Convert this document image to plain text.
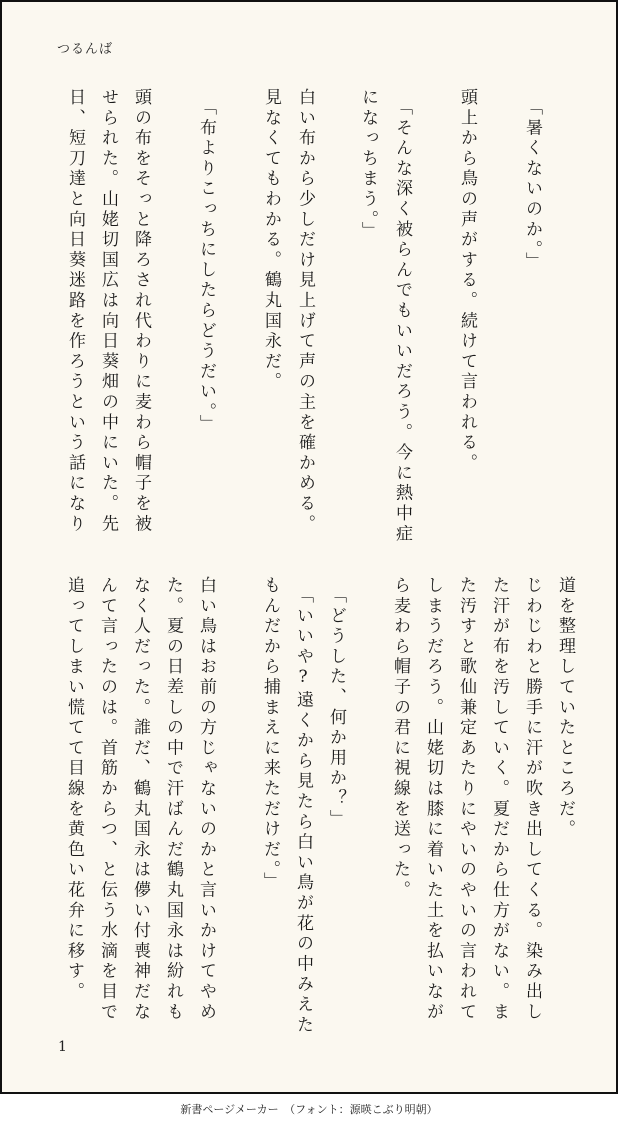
つるんば
「暑くないのか。」
頭上から鳥の声がする。続けて言われる。
「そんな深く被らんでもいいだろう。今に熱中症
になっちまう。」
白い布から少しだけ見上げて声の主を確かめる。
見なくてもわかる。鶴丸国永だ。
「布よりこっちにしたらどうだい。」
頭の布をそっと降ろされ代わりに麦わら帽子を被
せられた。山姥切国広は向日葵畑の中にいた。先
日、短刀達と向日葵迷路を作ろうという話になり
道を整理していたところだ。
じわじわと勝手に汗が吹き出してくる。染み出し
た汗が布を汚していく。夏だから仕方がない。ま
た汚すと歌仙兼定あたりにやいのやいの言われて
しまうだろう。山姥切は膝に着いた土を払いなが
ら麦わら帽子の君に視線を送った。
「どうした、何か用か？」
「いいや?遠くから見たら白い鳥が花の中みえた
もんだから捕まえに来ただけだ。」
白い鳥はお前の方じゃないのかと言いかけてやめ
た。夏の日差しの中で汗ばんだ鶴丸国永は紛れも
なく人だった。誰だ、鶴丸国永は儚い付喪神だな
んて言ったのは。首筋からつ、と伝う水滴を目で
追ってしまい慌てて目線を黄色い花弁に移す。
1
新書ページメーカー　（フォント：源暎こぶり明朝）
